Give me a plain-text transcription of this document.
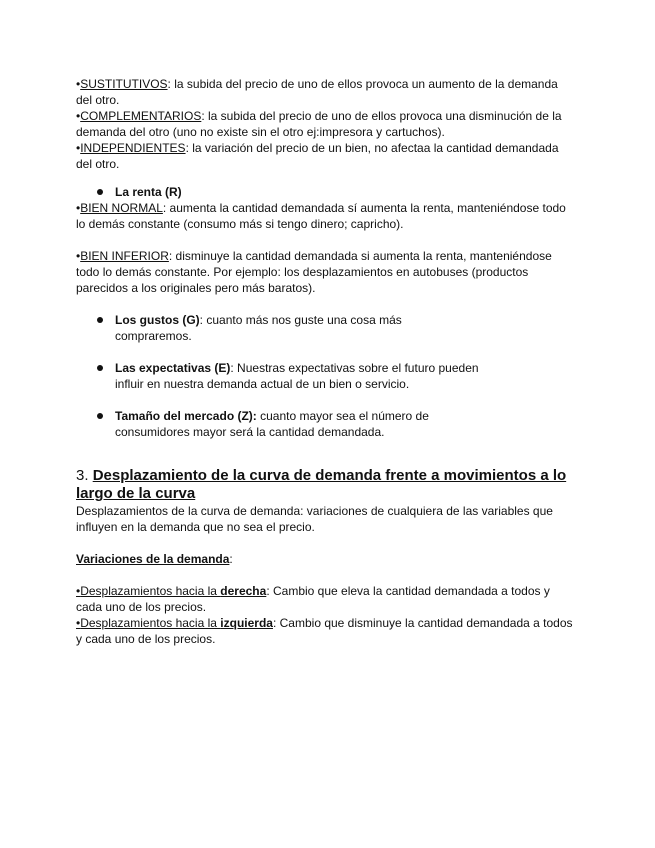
•SUSTITUTIVOS: la subida del precio de uno de ellos provoca un aumento de la demanda del otro.

•COMPLEMENTARIOS: la subida del precio de uno de ellos provoca una disminución de la demanda del otro (uno no existe sin el otro ej:impresora y cartuchos).

•INDEPENDIENTES: la variación del precio de un bien, no afectaa la cantidad demandada del otro.

La renta (R)

•BIEN NORMAL: aumenta la cantidad demandada sí aumenta la renta, manteniéndose todo lo demás constante (consumo más si tengo dinero; capricho).

•BIEN INFERIOR: disminuye la cantidad demandada si aumenta la renta, manteniéndose todo lo demás constante. Por ejemplo: los desplazamientos en autobuses (productos parecidos a los originales pero más baratos).

Los gustos (G): cuanto más nos guste una cosa más compraremos.
Las expectativas (E): Nuestras expectativas sobre el futuro pueden influir en nuestra demanda actual de un bien o servicio.
Tamaño del mercado (Z): cuanto mayor sea el número de consumidores mayor será la cantidad demandada.
3. Desplazamiento de la curva de demanda frente a movimientos a lo largo de la curva

Desplazamientos de la curva de demanda: variaciones de cualquiera de las variables que influyen en la demanda que no sea el precio.

Variaciones de la demanda:

•Desplazamientos hacia la derecha: Cambio que eleva la cantidad demandada a todos y cada uno de los precios.

•Desplazamientos hacia la izquierda: Cambio que disminuye la cantidad demandada a todos y cada uno de los precios.
